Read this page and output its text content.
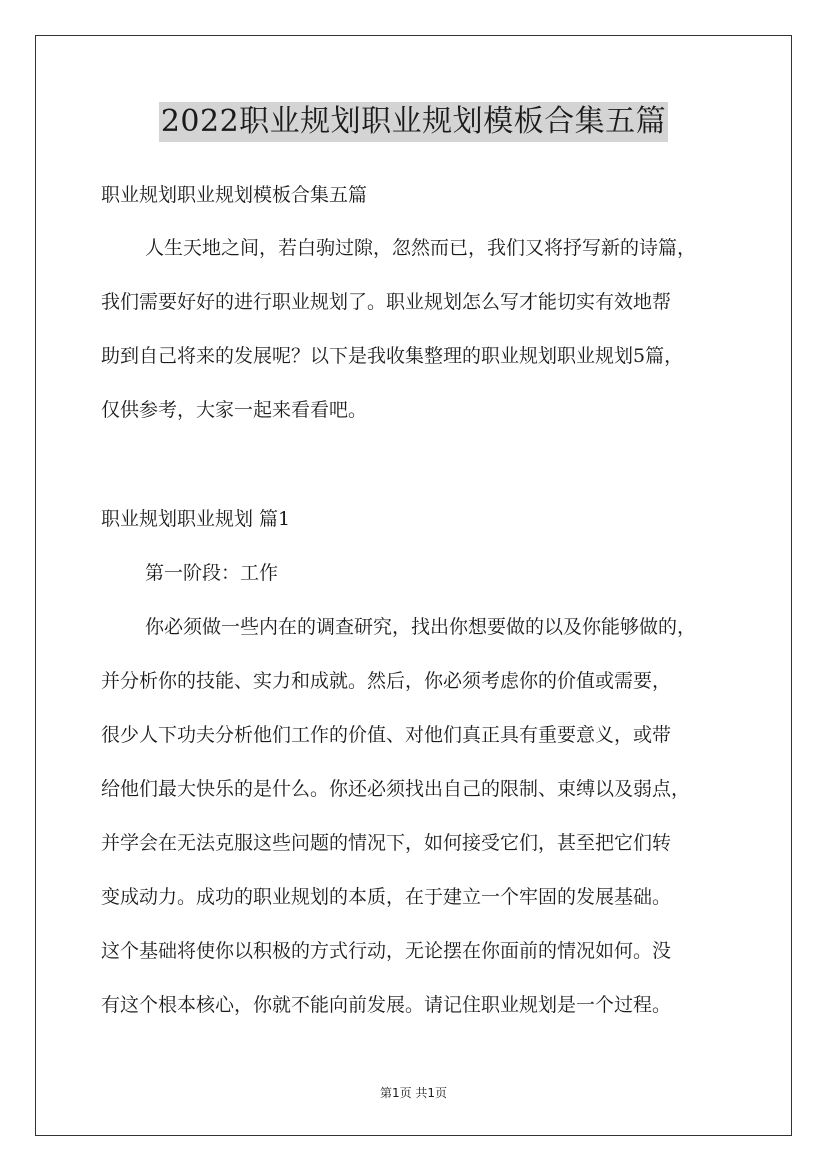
2022职业规划职业规划模板合集五篇

职业规划职业规划模板合集五篇

人生天地之间，若白驹过隙，忽然而已，我们又将抒写新的诗篇，

我们需要好好的进行职业规划了。职业规划怎么写才能切实有效地帮

助到自己将来的发展呢？以下是我收集整理的职业规划职业规划5篇，

仅供参考，大家一起来看看吧。

职业规划职业规划 篇1

第一阶段：工作

你必须做一些内在的调查研究，找出你想要做的以及你能够做的，

并分析你的技能、实力和成就。然后，你必须考虑你的价值或需要，

很少人下功夫分析他们工作的价值、对他们真正具有重要意义，或带

给他们最大快乐的是什么。你还必须找出自己的限制、束缚以及弱点，

并学会在无法克服这些问题的情况下，如何接受它们，甚至把它们转

变成动力。成功的职业规划的本质，在于建立一个牢固的发展基础。

这个基础将使你以积极的方式行动，无论摆在你面前的情况如何。没

有这个根本核心，你就不能向前发展。请记住职业规划是一个过程。

第1页 共1页
